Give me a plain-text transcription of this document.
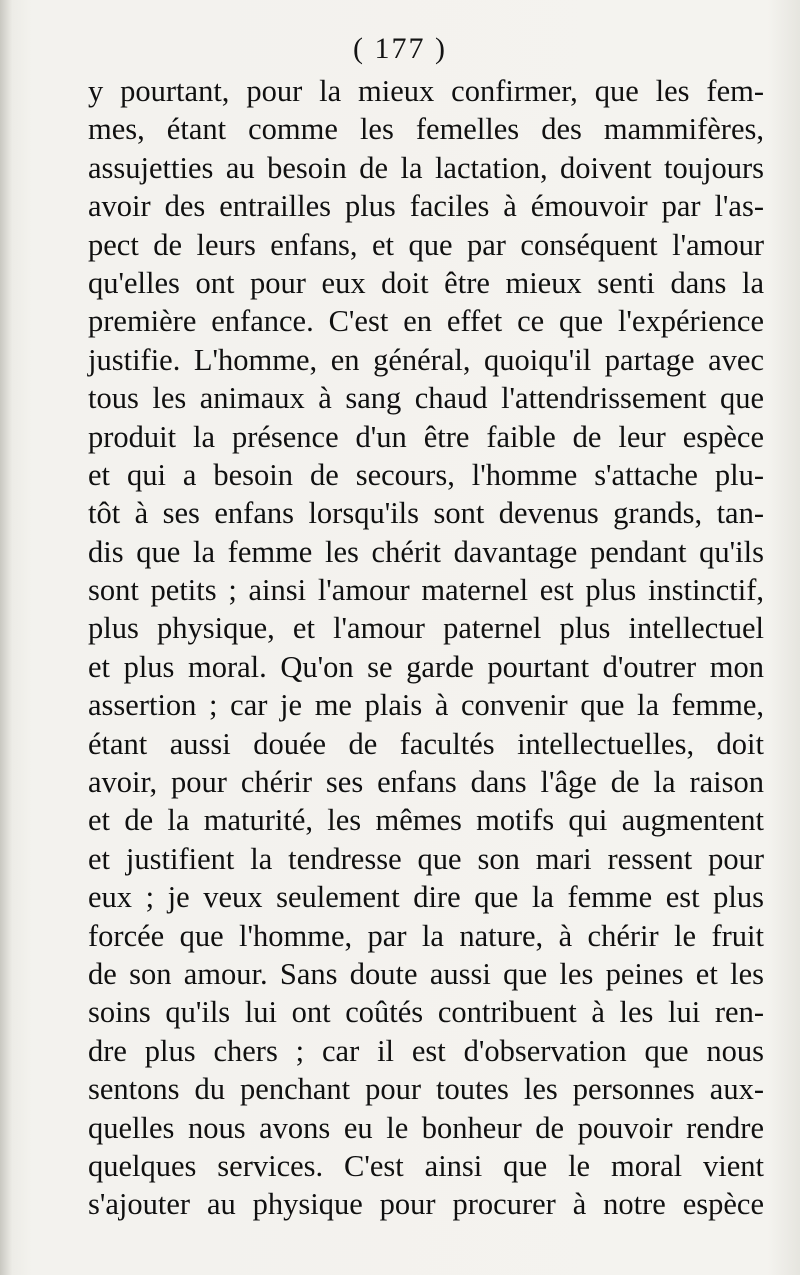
( 177 )
y pourtant, pour la mieux confirmer, que les fem-
mes, étant comme les femelles des mammifères,
assujetties au besoin de la lactation, doivent toujours
avoir des entrailles plus faciles à émouvoir par l'as-
pect de leurs enfans, et que par conséquent l'amour
qu'elles ont pour eux doit être mieux senti dans la
première enfance. C'est en effet ce que l'expérience
justifie. L'homme, en général, quoiqu'il partage avec
tous les animaux à sang chaud l'attendrissement que
produit la présence d'un être faible de leur espèce
et qui a besoin de secours, l'homme s'attache plu-
tôt à ses enfans lorsqu'ils sont devenus grands, tan-
dis que la femme les chérit davantage pendant qu'ils
sont petits ; ainsi l'amour maternel est plus instinctif,
plus physique, et l'amour paternel plus intellectuel
et plus moral. Qu'on se garde pourtant d'outrer mon
assertion ; car je me plais à convenir que la femme,
étant aussi douée de facultés intellectuelles, doit
avoir, pour chérir ses enfans dans l'âge de la raison
et de la maturité, les mêmes motifs qui augmentent
et justifient la tendresse que son mari ressent pour
eux ; je veux seulement dire que la femme est plus
forcée que l'homme, par la nature, à chérir le fruit
de son amour. Sans doute aussi que les peines et les
soins qu'ils lui ont coûtés contribuent à les lui ren-
dre plus chers ; car il est d'observation que nous
sentons du penchant pour toutes les personnes aux-
quelles nous avons eu le bonheur de pouvoir rendre
quelques services. C'est ainsi que le moral vient
s'ajouter au physique pour procurer à notre espèce
